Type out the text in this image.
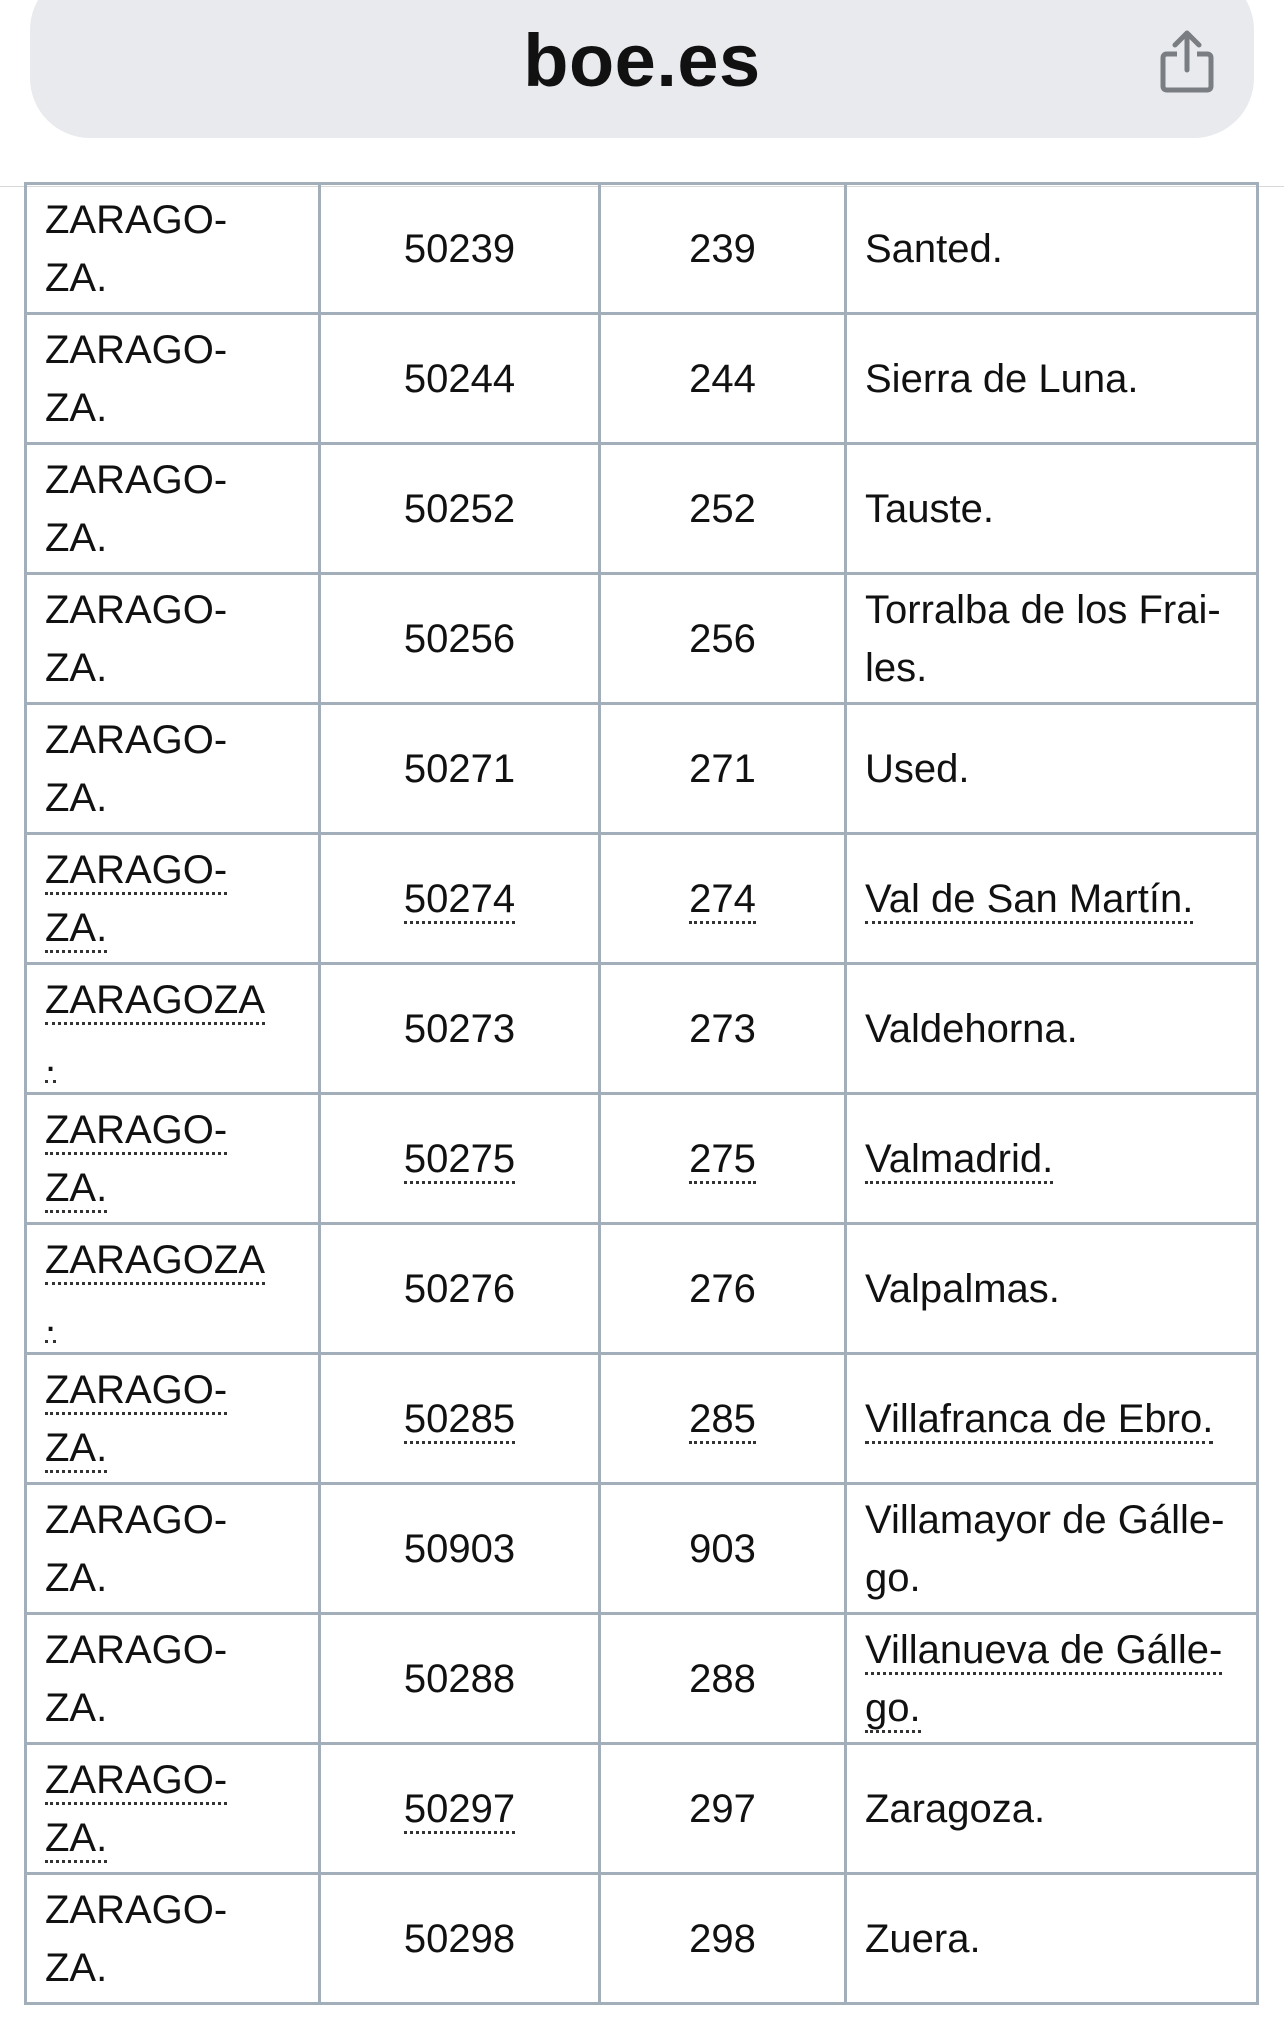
boe.es
ZARAGO-
ZA.	50239	239	Santed.

ZARAGO-
ZA.	50244	244	Sierra de Luna.

ZARAGO-
ZA.	50252	252	Tauste.

ZARAGO-
ZA.	50256	256	Torralba de los Frai-
les.

ZARAGO-
ZA.	50271	271	Used.

ZARAGO-
ZA.	50274	274	Val de San Martín.

ZARAGOZA
.	50273	273	Valdehorna.

ZARAGO-
ZA.	50275	275	Valmadrid.

ZARAGOZA
.	50276	276	Valpalmas.

ZARAGO-
ZA.	50285	285	Villafranca de Ebro.

ZARAGO-
ZA.	50903	903	Villamayor de Gálle-
go.

ZARAGO-
ZA.	50288	288	Villanueva de Gálle-
go.

ZARAGO-
ZA.	50297	297	Zaragoza.

ZARAGO-
ZA.	50298	298	Zuera.
